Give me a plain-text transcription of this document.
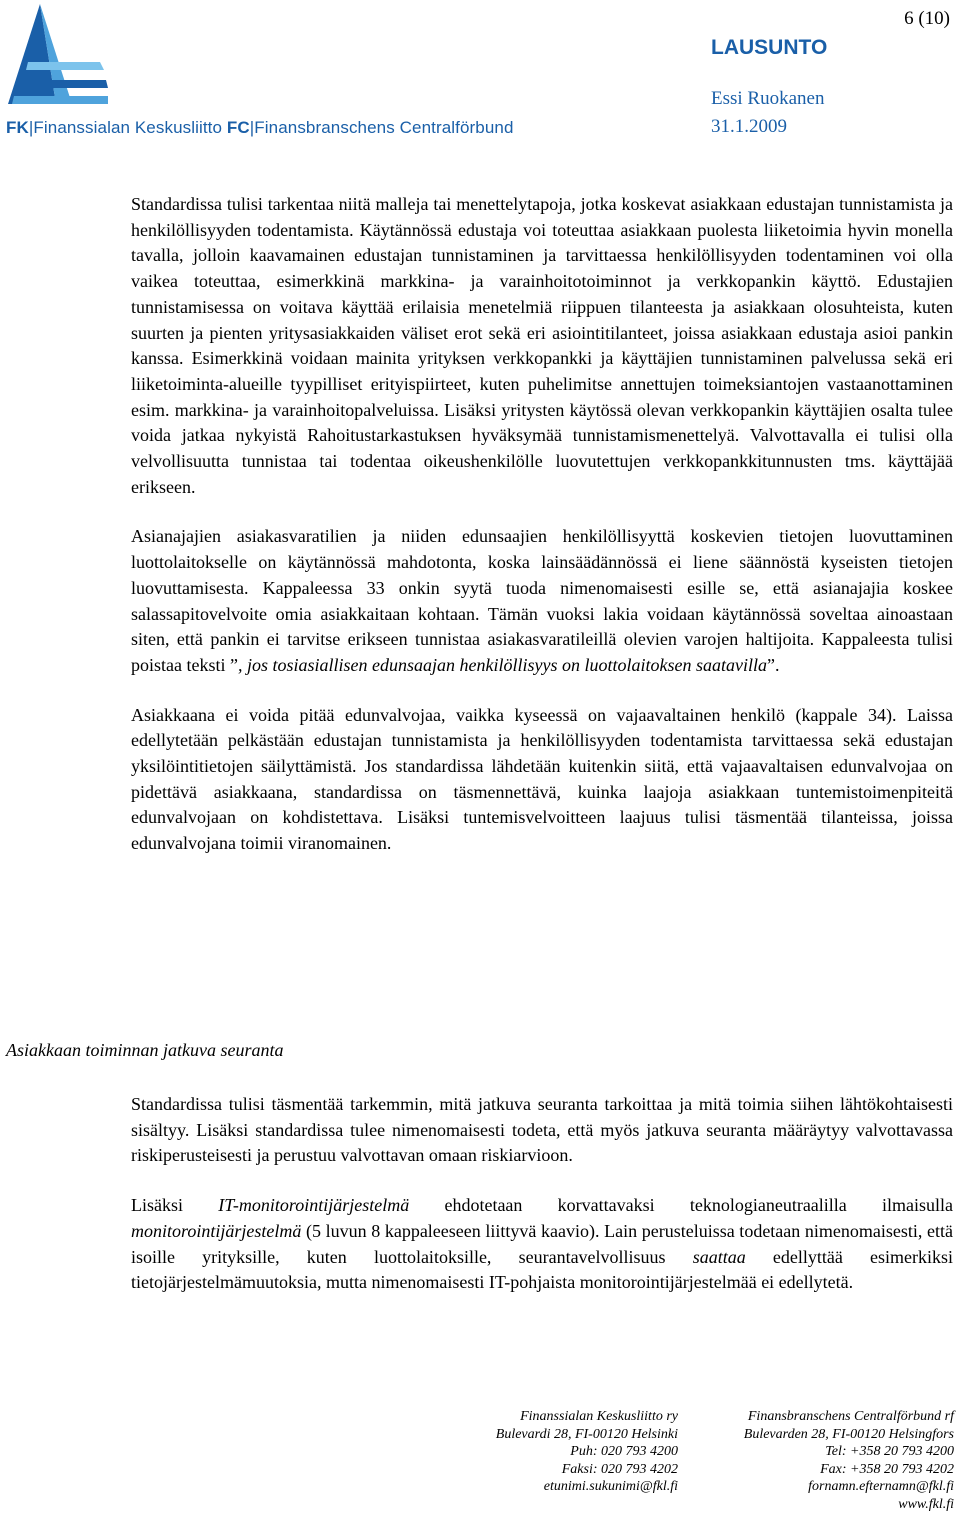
FK|Finanssialan Keskusliitto FC|Finansbranschens Centralförbund
6 (10)
LAUSUNTO
Essi Ruokanen
31.1.2009

Standardissa tulisi tarkentaa niitä malleja tai menettelytapoja, jotka koskevat asiakkaan edustajan tunnistamista ja henkilöllisyyden todentamista. Käytännössä edustaja voi toteuttaa asiakkaan puolesta liiketoimia hyvin monella tavalla, jolloin kaavamainen edustajan tunnistaminen ja tarvittaessa henkilöllisyyden todentaminen voi olla vaikea toteuttaa, esimerkkinä markkina- ja varainhoitotoiminnot ja verkkopankin käyttö. Edustajien tunnistamisessa on voitava käyttää erilaisia menetelmiä riippuen tilanteesta ja asiakkaan olosuhteista, kuten suurten ja pienten yritysasiakkaiden väliset erot sekä eri asiointitilanteet, joissa asiakkaan edustaja asioi pankin kanssa. Esimerkkinä voidaan mainita yrityksen verkkopankki ja käyttäjien tunnistaminen palvelussa sekä eri liiketoiminta-alueille tyypilliset erityispiirteet, kuten puhelimitse annettujen toimeksiantojen vastaanottaminen esim. markkina- ja varainhoitopalveluissa. Lisäksi yritysten käytössä olevan verkkopankin käyttäjien osalta tulee voida jatkaa nykyistä Rahoitustarkastuksen hyväksymää tunnistamismenettelyä. Valvottavalla ei tulisi olla velvollisuutta tunnistaa tai todentaa oikeushenkilölle luovutettujen verkkopankkitunnusten tms. käyttäjää erikseen.

Asianajajien asiakasvaratilien ja niiden edunsaajien henkilöllisyyttä koskevien tietojen luovuttaminen luottolaitokselle on käytännössä mahdotonta, koska lainsäädännössä ei liene säännöstä kyseisten tietojen luovuttamisesta. Kappaleessa 33 onkin syytä tuoda nimenomaisesti esille se, että asianajajia koskee salassapitovelvoite omia asiakkaitaan kohtaan. Tämän vuoksi lakia voidaan käytännössä soveltaa ainoastaan siten, että pankin ei tarvitse erikseen tunnistaa asiakasvaratileillä olevien varojen haltijoita. Kappaleesta tulisi poistaa teksti ”, jos tosiasiallisen edunsaajan henkilöllisyys on luottolaitoksen saatavilla”.

Asiakkaana ei voida pitää edunvalvojaa, vaikka kyseessä on vajaavaltainen henkilö (kappale 34). Laissa edellytetään pelkästään edustajan tunnistamista ja henkilöllisyyden todentamista tarvittaessa sekä edustajan yksilöintitietojen säilyttämistä. Jos standardissa lähdetään kuitenkin siitä, että vajaavaltaisen edunvalvojaa on pidettävä asiakkaana, standardissa on täsmennettävä, kuinka laajoja asiakkaan tuntemistoimenpiteitä edunvalvojaan on kohdistettava. Lisäksi tuntemisvelvoitteen laajuus tulisi täsmentää tilanteissa, joissa edunvalvojana toimii viranomainen.

Asiakkaan toiminnan jatkuva seuranta

Standardissa tulisi täsmentää tarkemmin, mitä jatkuva seuranta tarkoittaa ja mitä toimia siihen lähtökohtaisesti sisältyy. Lisäksi standardissa tulee nimenomaisesti todeta, että myös jatkuva seuranta määräytyy valvottavassa riskiperusteisesti ja perustuu valvottavan omaan riskiarvioon.

Lisäksi IT-monitorointijärjestelmä ehdotetaan korvattavaksi teknologianeutraalilla ilmaisulla monitorointijärjestelmä (5 luvun 8 kappaleeseen liittyvä kaavio). Lain perusteluissa todetaan nimenomaisesti, että isoille yrityksille, kuten luottolaitoksille, seurantavelvollisuus saattaa edellyttää esimerkiksi tietojärjestelmämuutoksia, mutta nimenomaisesti IT-pohjaista monitorointijärjestelmää ei edellytetä.

Finanssialan Keskusliitto ry
Bulevardi 28, FI-00120 Helsinki
Puh: 020 793 4200
Faksi: 020 793 4202
etunimi.sukunimi@fkl.fi
Finansbranschens Centralförbund rf
Bulevarden 28, FI-00120 Helsingfors
Tel: +358 20 793 4200
Fax: +358 20 793 4202
fornamn.efternamn@fkl.fi
www.fkl.fi
